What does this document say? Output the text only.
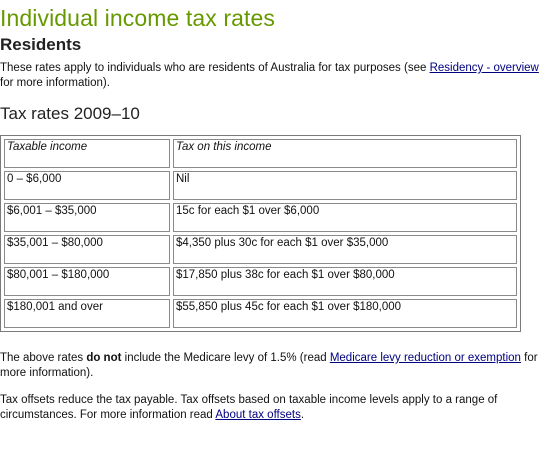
Individual income tax rates
Residents

These rates apply to individuals who are residents of Australia for tax purposes (see Residency - overview for more information).

Tax rates 2009–10
Taxable income	Tax on this income
0 – $6,000	Nil
$6,001 – $35,000	15c for each $1 over $6,000
$35,001 – $80,000	$4,350 plus 30c for each $1 over $35,000
$80,001 – $180,000	$17,850 plus 38c for each $1 over $80,000
$180,001 and over	$55,850 plus 45c for each $1 over $180,000

The above rates do not include the Medicare levy of 1.5% (read Medicare levy reduction or exemption for more information).

Tax offsets reduce the tax payable. Tax offsets based on taxable income levels apply to a range of circumstances. For more information read About tax offsets.
